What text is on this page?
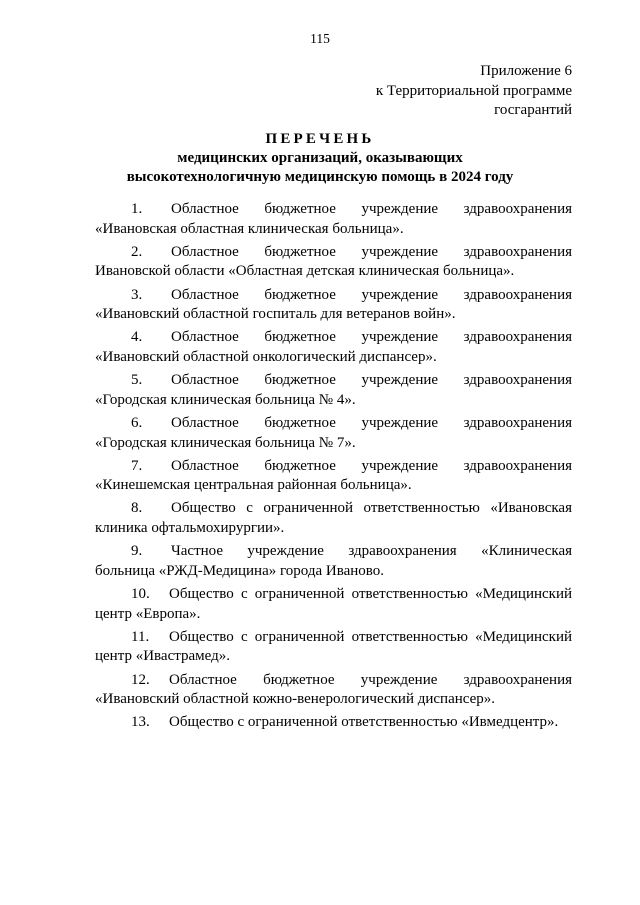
115
Приложение 6
к Территориальной программе
госгарантий
ПЕРЕЧЕНЬ
медицинских организаций, оказывающих
высокотехнологичную медицинскую помощь в 2024 году
1. Областное бюджетное учреждение здравоохранения «Ивановская областная клиническая больница».
2. Областное бюджетное учреждение здравоохранения Ивановской области «Областная детская клиническая больница».
3. Областное бюджетное учреждение здравоохранения «Ивановский областной госпиталь для ветеранов войн».
4. Областное бюджетное учреждение здравоохранения «Ивановский областной онкологический диспансер».
5. Областное бюджетное учреждение здравоохранения «Городская клиническая больница № 4».
6. Областное бюджетное учреждение здравоохранения «Городская клиническая больница № 7».
7. Областное бюджетное учреждение здравоохранения «Кинешемская центральная районная больница».
8. Общество с ограниченной ответственностью «Ивановская клиника офтальмохирургии».
9. Частное учреждение здравоохранения «Клиническая больница «РЖД-Медицина» города Иваново.
10. Общество с ограниченной ответственностью «Медицинский центр «Европа».
11. Общество с ограниченной ответственностью «Медицинский центр «Ивастрамед».
12. Областное бюджетное учреждение здравоохранения «Ивановский областной кожно-венерологический диспансер».
13. Общество с ограниченной ответственностью «Ивмедцентр».
